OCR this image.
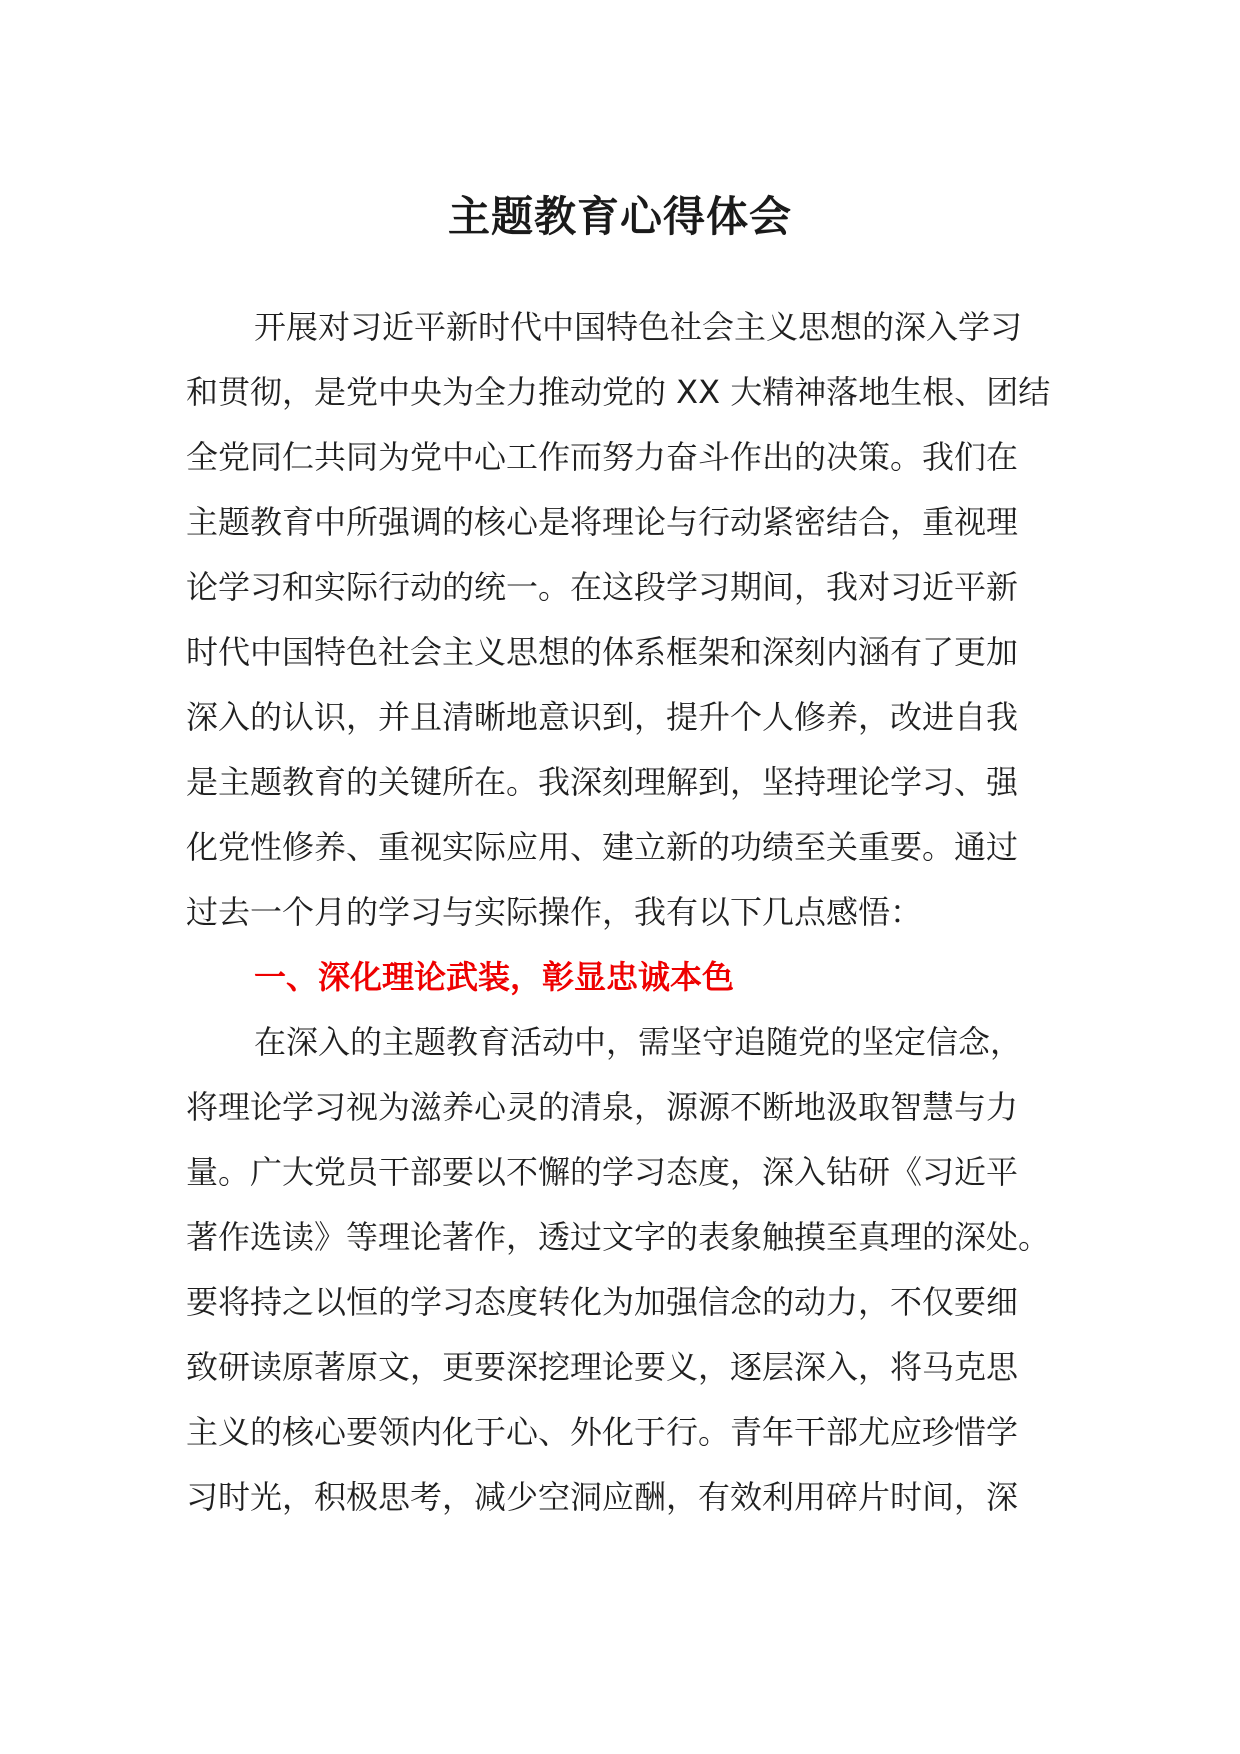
主题教育心得体会
开展对习近平新时代中国特色社会主义思想的深入学习
和贯彻，是党中央为全力推动党的 XX 大精神落地生根、团结
全党同仁共同为党中心工作而努力奋斗作出的决策。我们在
主题教育中所强调的核心是将理论与行动紧密结合，重视理
论学习和实际行动的统一。在这段学习期间，我对习近平新
时代中国特色社会主义思想的体系框架和深刻内涵有了更加
深入的认识，并且清晰地意识到，提升个人修养，改进自我
是主题教育的关键所在。我深刻理解到，坚持理论学习、强
化党性修养、重视实际应用、建立新的功绩至关重要。通过
过去一个月的学习与实际操作，我有以下几点感悟：
一、深化理论武装，彰显忠诚本色
在深入的主题教育活动中，需坚守追随党的坚定信念，
将理论学习视为滋养心灵的清泉，源源不断地汲取智慧与力
量。广大党员干部要以不懈的学习态度，深入钻研《习近平
著作选读》等理论著作，透过文字的表象触摸至真理的深处。
要将持之以恒的学习态度转化为加强信念的动力，不仅要细
致研读原著原文，更要深挖理论要义，逐层深入，将马克思
主义的核心要领内化于心、外化于行。青年干部尤应珍惜学
习时光，积极思考，减少空洞应酬，有效利用碎片时间，深
